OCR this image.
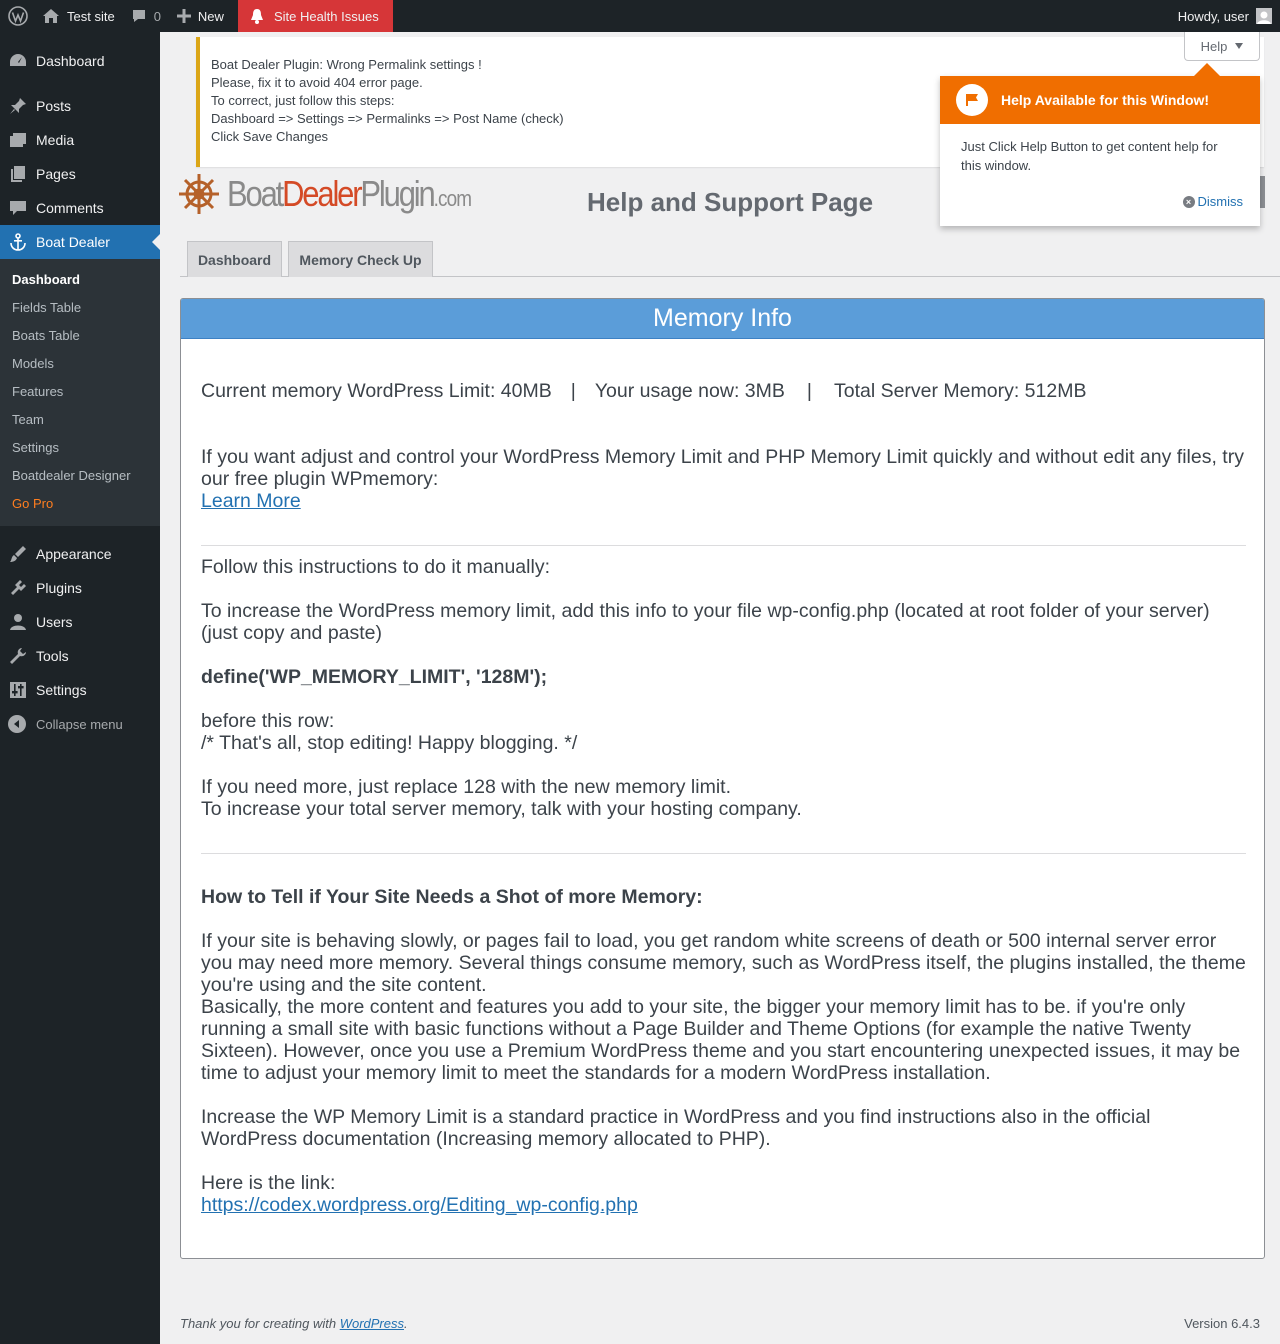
Test site	0	New	Site Health Issues	Howdy, user
Dashboard
Posts
Media
Pages
Comments
Boat Dealer
Dashboard
Fields Table
Boats Table
Models
Features
Team
Settings
Boatdealer Designer
Go Pro
Appearance
Plugins
Users
Tools
Settings
Collapse menu
Boat Dealer Plugin: Wrong Permalink settings !
Please, fix it to avoid 404 error page.
To correct, just follow this steps:
Dashboard => Settings => Permalinks => Post Name (check)
Click Save Changes
BoatDealerPlugin.com	Help and Support Page
Dashboard	Memory Check Up
Memory Info

Current memory WordPress Limit: 40MB | Your usage now: 3MB | Total Server Memory: 512MB

If you want adjust and control your WordPress Memory Limit and PHP Memory Limit quickly and without edit any files, try our free plugin WPmemory:

Learn More

Follow this instructions to do it manually:

To increase the WordPress memory limit, add this info to your file wp-config.php (located at root folder of your server) (just copy and paste)

define('WP_MEMORY_LIMIT', '128M');

before this row:

/* That's all, stop editing! Happy blogging. */

If you need more, just replace 128 with the new memory limit.

To increase your total server memory, talk with your hosting company.

How to Tell if Your Site Needs a Shot of more Memory:

If your site is behaving slowly, or pages fail to load, you get random white screens of death or 500 internal server error you may need more memory. Several things consume memory, such as WordPress itself, the plugins installed, the theme you're using and the site content.

Basically, the more content and features you add to your site, the bigger your memory limit has to be. if you're only running a small site with basic functions without a Page Builder and Theme Options (for example the native Twenty Sixteen). However, once you use a Premium WordPress theme and you start encountering unexpected issues, it may be time to adjust your memory limit to meet the standards for a modern WordPress installation.

Increase the WP Memory Limit is a standard practice in WordPress and you find instructions also in the official WordPress documentation (Increasing memory allocated to PHP).

Here is the link:

https://codex.wordpress.org/Editing_wp-config.php

Help
Help Available for this Window!
Just Click Help Button to get content help for this window.
× Dismiss
Thank you for creating with WordPress.	Version 6.4.3
